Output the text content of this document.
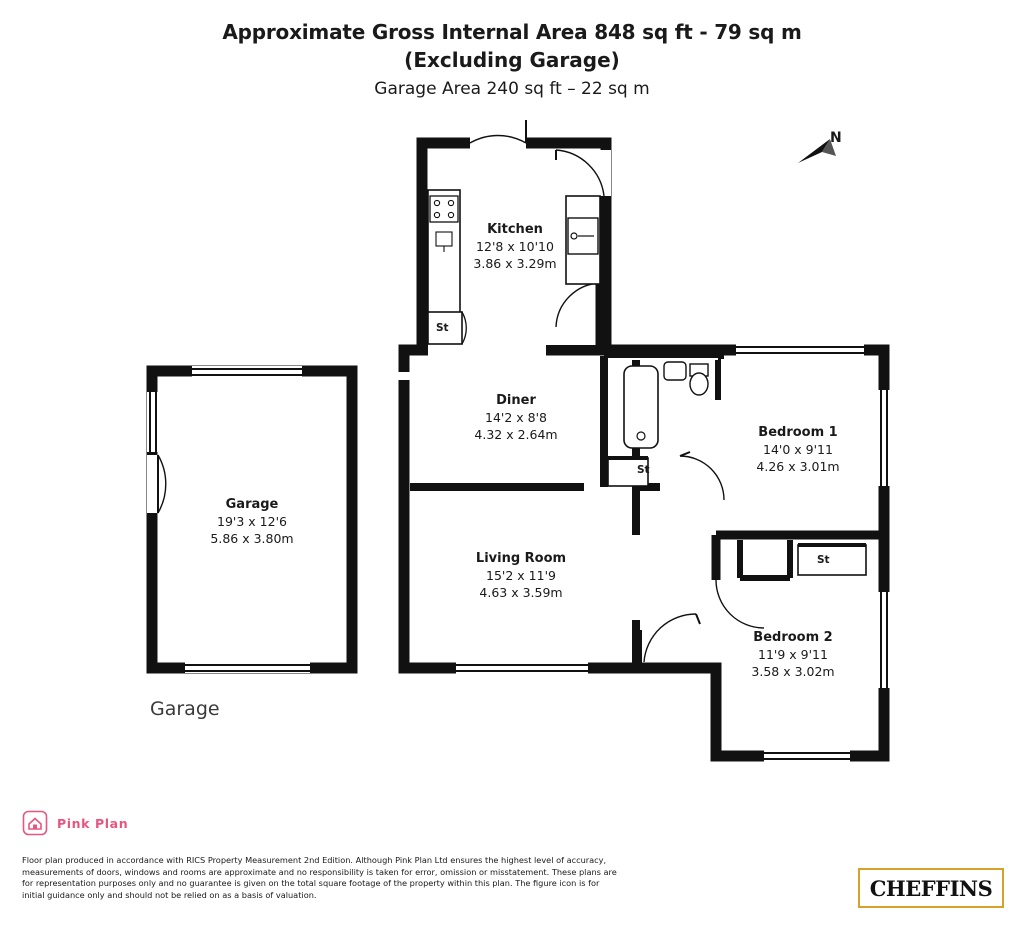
Approximate Gross Internal Area 848 sq ft - 79 sq m
(Excluding Garage)
Garage Area 240 sq ft – 22 sq m
N
Kitchen
12'8 x 10'10
3.86 x 3.29m
Diner
14'2 x 8'8
4.32 x 2.64m
Living Room
15'2 x 11'9
4.63 x 3.59m
Bedroom 1
14'0 x 9'11
4.26 x 3.01m
Bedroom 2
11'9 x 9'11
3.58 x 3.02m
Garage
19'3 x 12'6
5.86 x 3.80m
St
St
St
Garage
Pink Plan
Floor plan produced in accordance with RICS Property Measurement 2nd Edition. Although Pink Plan Ltd ensures the highest level of accuracy, measurements of doors, windows and rooms are approximate and no responsibility is taken for error, omission or misstatement. These plans are for representation purposes only and no guarantee is given on the total square footage of the property within this plan. The figure icon is for initial guidance only and should not be relied on as a basis of valuation.	CHEFFINS
